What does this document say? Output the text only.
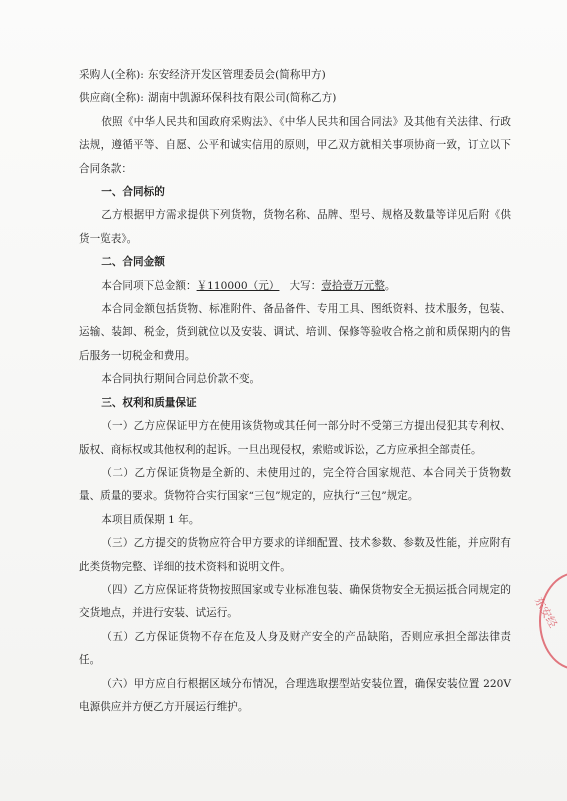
采购人(全称): 东安经济开发区管理委员会(简称甲方)

供应商(全称): 湖南中凯源环保科技有限公司(简称乙方)

依照《中华人民共和国政府采购法》、《中华人民共和国合同法》及其他有关法律、行政法规，遵循平等、自愿、公平和诚实信用的原则，甲乙双方就相关事项协商一致，订立以下合同条款：

一、合同标的

乙方根据甲方需求提供下列货物，货物名称、品牌、型号、规格及数量等详见后附《供货一览表》。

二、合同金额

本合同项下总金额：￥110000（元） 大写：壹拾壹万元整。

本合同金额包括货物、标准附件、备品备件、专用工具、图纸资料、技术服务，包装、运输、装卸、税金，货到就位以及安装、调试、培训、保修等验收合格之前和质保期内的售后服务一切税金和费用。

本合同执行期间合同总价款不变。

三、权利和质量保证

（一）乙方应保证甲方在使用该货物或其任何一部分时不受第三方提出侵犯其专利权、版权、商标权或其他权利的起诉。一旦出现侵权，索赔或诉讼，乙方应承担全部责任。

（二）乙方保证货物是全新的、未使用过的，完全符合国家规范、本合同关于货物数量、质量的要求。货物符合实行国家“三包”规定的，应执行“三包”规定。

本项目质保期 1 年。

（三）乙方提交的货物应符合甲方要求的详细配置、技术参数、参数及性能，并应附有此类货物完整、详细的技术资料和说明文件。

（四）乙方应保证将货物按照国家或专业标准包装、确保货物安全无损运抵合同规定的交货地点，并进行安装、试运行。

（五）乙方保证货物不存在危及人身及财产安全的产品缺陷，否则应承担全部法律责任。

（六）甲方应自行根据区域分布情况，合理选取摆型站安装位置，确保安装位置 220V 电源供应并方便乙方开展运行维护。

东安经
